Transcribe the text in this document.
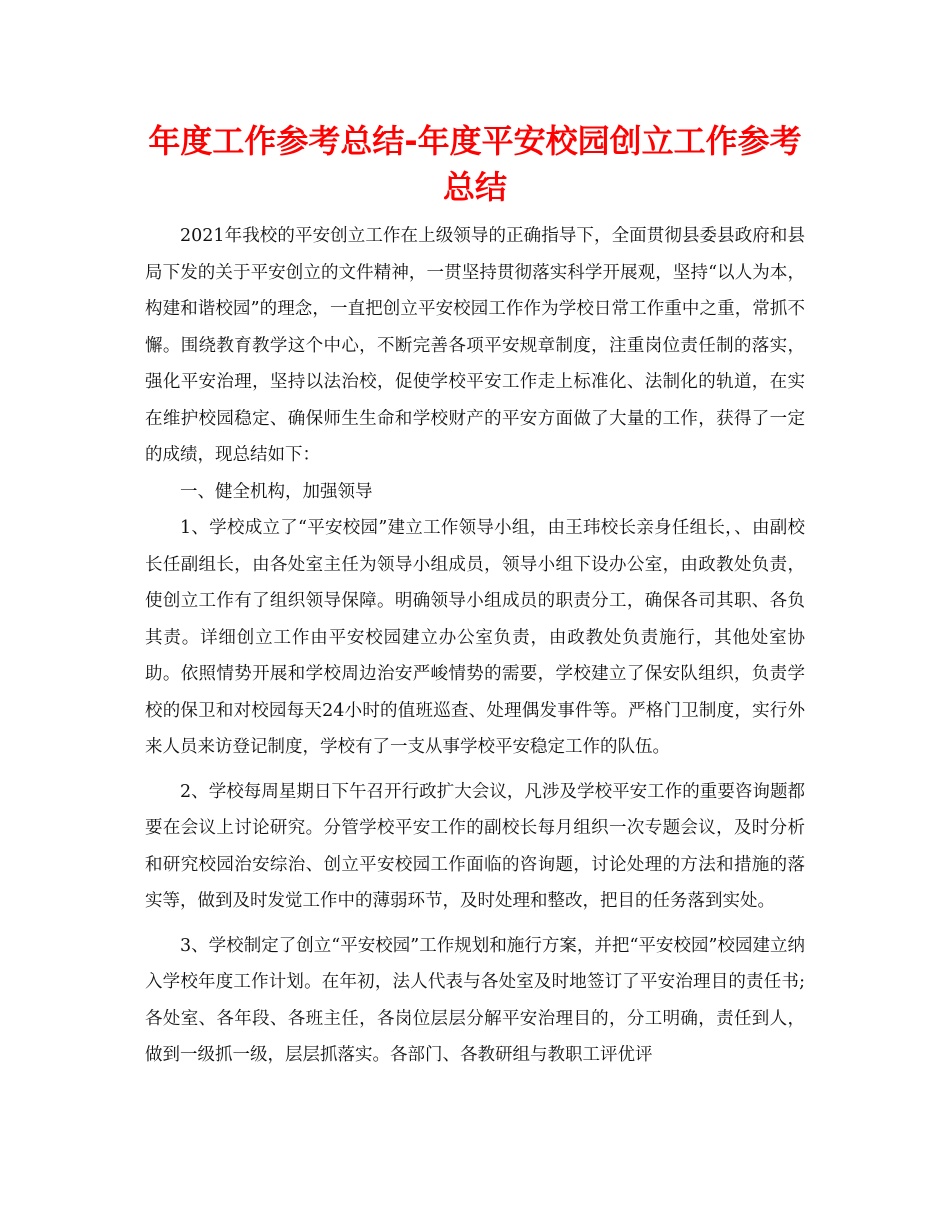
年度工作参考总结-年度平安校园创立工作参考总结

2021年我校的平安创立工作在上级领导的正确指导下，全面贯彻县委县政府和县局下发的关于平安创立的文件精神，一贯坚持贯彻落实科学开展观，坚持“以人为本，构建和谐校园”的理念，一直把创立平安校园工作作为学校日常工作重中之重，常抓不懈。围绕教育教学这个中心，不断完善各项平安规章制度，注重岗位责任制的落实，强化平安治理，坚持以法治校，促使学校平安工作走上标准化、法制化的轨道，在实在维护校园稳定、确保师生生命和学校财产的平安方面做了大量的工作，获得了一定的成绩，现总结如下：

一、健全机构，加强领导

1、学校成立了“平安校园”建立工作领导小组，由王玮校长亲身任组长，、由副校长任副组长，由各处室主任为领导小组成员，领导小组下设办公室，由政教处负责，使创立工作有了组织领导保障。明确领导小组成员的职责分工，确保各司其职、各负其责。详细创立工作由平安校园建立办公室负责，由政教处负责施行，其他处室协助。依照情势开展和学校周边治安严峻情势的需要，学校建立了保安队组织，负责学校的保卫和对校园每天24小时的值班巡查、处理偶发事件等。严格门卫制度，实行外来人员来访登记制度，学校有了一支从事学校平安稳定工作的队伍。

2、学校每周星期日下午召开行政扩大会议，凡涉及学校平安工作的重要咨询题都要在会议上讨论研究。分管学校平安工作的副校长每月组织一次专题会议，及时分析和研究校园治安综治、创立平安校园工作面临的咨询题，讨论处理的方法和措施的落实等，做到及时发觉工作中的薄弱环节，及时处理和整改，把目的任务落到实处。

3、学校制定了创立“平安校园”工作规划和施行方案，并把“平安校园”校园建立纳入学校年度工作计划。在年初，法人代表与各处室及时地签订了平安治理目的责任书;各处室、各年段、各班主任，各岗位层层分解平安治理目的，分工明确，责任到人，做到一级抓一级，层层抓落实。各部门、各教研组与教职工评优评
